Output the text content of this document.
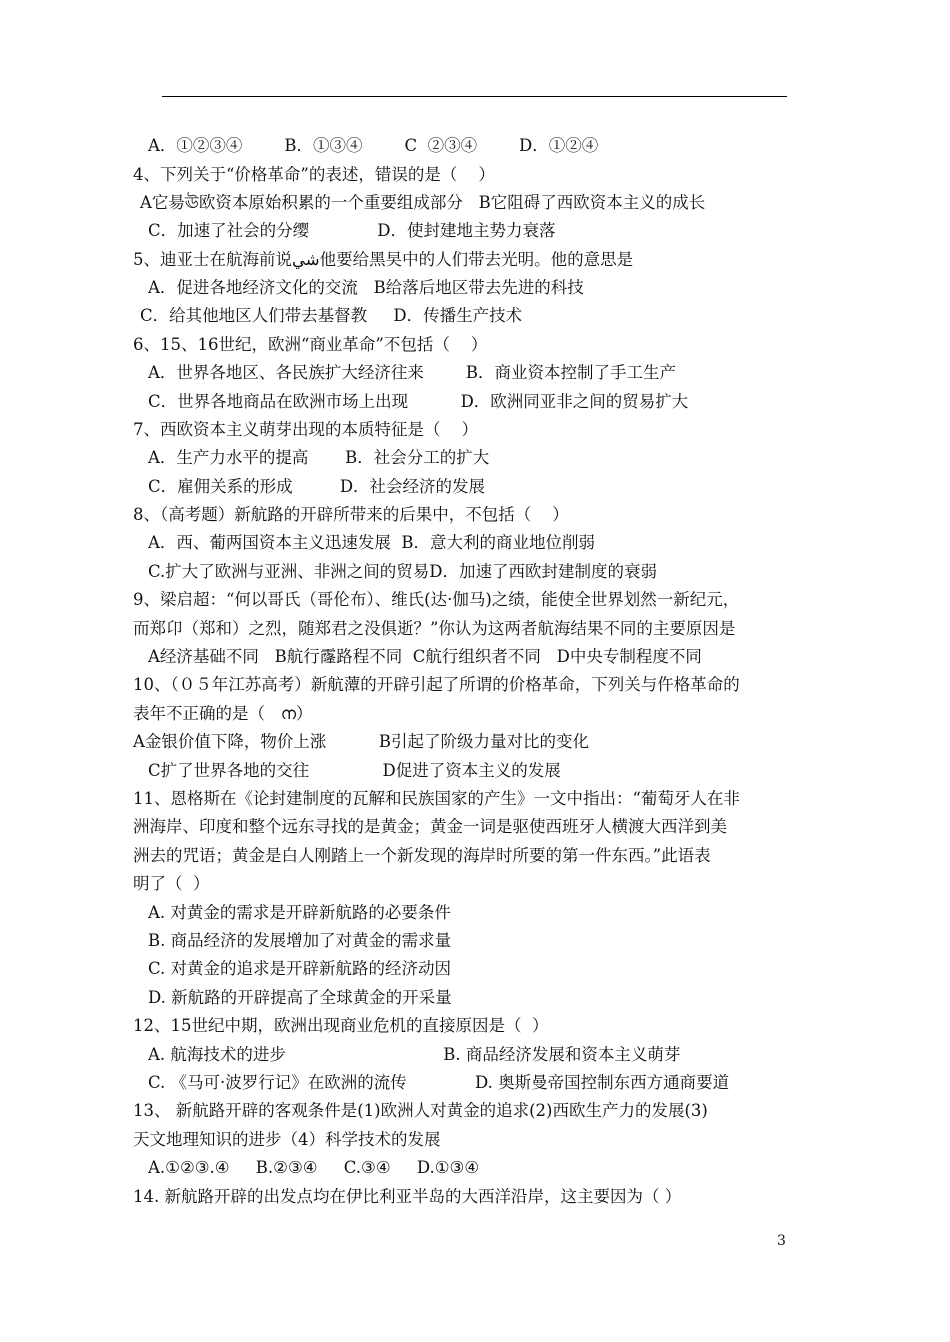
A．①②③④        B．①③④        C  ②③④        D．①②④
4、下列关于“价格革命”的表述，错误的是（    ）
A它昜ঊ欧资本原始积累的一个重要组成部分   B它阻碍了西欧资本主义的成长
C．加速了社会的分缨             D．使封建地主势力衰落
5、迪亚士在航海前说ﺷﻲ他要给黑旲中的人们带去光明。他的意思是
A．促进各地经济文化的交流   B给落后地区带去先进的科技
C．给其他地区人们带去基督教     D．传播生产技术
6、15、16世纪，欧洲“商业革命”不包括（    ）
A．世界各地区、各民族扩大经济往来        B．商业资本控制了手工生产
C．世界各地商品在欧洲市场上出现          D．欧洲同亚非之间的贸易扩大
7、西欧资本主义萌芽出现的本质特征是（    ）
A．生产力水平的提高       B．社会分工的扩大
C．雇佣关系的形成         D．社会经济的发展
8、（高考题）新航路的开辟所带来的后果中，不包括（    ）
A．西、葡两国资本主义迅速发展  B．意大利的商业地位削弱
C.扩大了欧洲与亚洲、非洲之间的贸易D．加速了西欧封建制度的衰弱
9、梁启超：“何以哥氏（哥伦布）、维氏(达·伽马)之绩，能使全世界划然一新纪元，
而郑卬（郑和）之烈，随郑君之没俱逝？”你认为这两者航海结果不同的主要原因是
A经济基础不同   B航行霳路程不同  C航行组织者不同   D中央专制程度不同
10、（０５年江苏高考）新航藫的开辟引起了所谓的价格革命，下列关与仵格革命的
表年不正确的是（   ന）
A金银价值下降，物价上涨          B引起了阶级力量对比的变化
C扩了世界各地的交往              D促进了资本主义的发展
11、恩格斯在《论封建制度的瓦解和民族国家的产生》一文中指出：“葡萄牙人在非
洲海岸、印度和整个远东寻找的是黄金；黄金一词是驱使西班牙人横渡大西洋到美
洲去的咒语；黄金是白人刚踏上一个新发现的海岸时所要的第一件东西。”此语表
明了（  ）
A. 对黄金的需求是开辟新航路的必要条件
B. 商品经济的发展增加了对黄金的需求量
C. 对黄金的追求是开辟新航路的经济动因
D. 新航路的开辟提高了全球黄金的开采量
12、15世纪中期，欧洲出现商业危机的直接原因是（  ）
A. 航海技术的进步                              B. 商品经济发展和资本主义萌芽
C. 《马可·波罗行记》在欧洲的流传             D. 奥斯曼帝国控制东西方通商要道
13、 新航路开辟的客观条件是(1)欧洲人对黄金的追求(2)西欧生产力的发展(3)
天文地理知识的进步（4）科学技术的发展
A.①②③.④     B.②③④     C.③④     D.①③④
14. 新航路开辟的出发点均在伊比利亚半岛的大西洋沿岸，这主要因为（ ）
3
